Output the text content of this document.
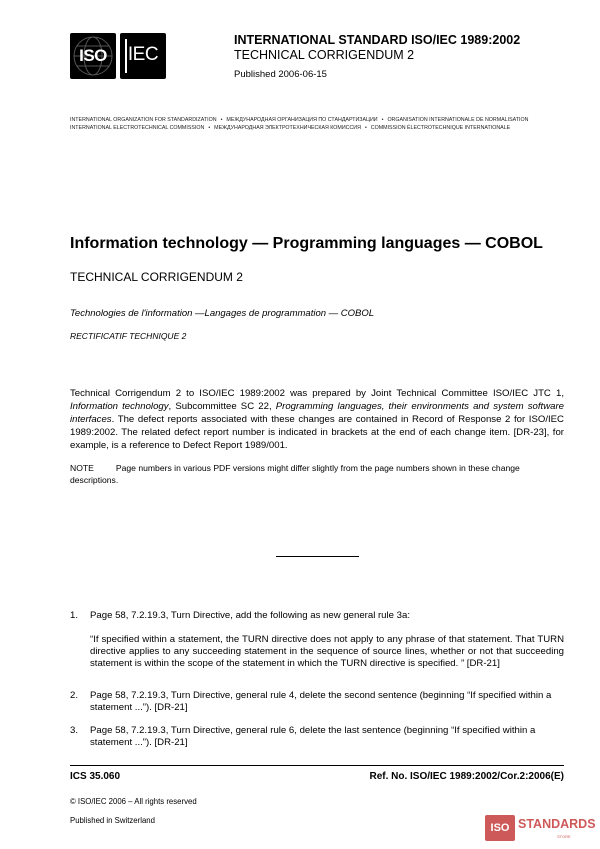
ISO	IEC
INTERNATIONAL STANDARD ISO/IEC 1989:2002
TECHNICAL CORRIGENDUM 2
Published 2006-06-15
INTERNATIONAL ORGANIZATION FOR STANDARDIZATION • МЕЖДУНАРОДНАЯ ОРГАНИЗАЦИЯ ПО СТАНДАРТИЗАЦИИ • ORGANISATION INTERNATIONALE DE NORMALISATION
INTERNATIONAL ELECTROTECHNICAL COMMISSION • МЕЖДУНАРОДНАЯ ЭЛЕКТРОТЕХНИЧЕСКАЯ КОМИССИЯ • COMMISSION ÉLECTROTECHNIQUE INTERNATIONALE
Information technology — Programming languages — COBOL
TECHNICAL CORRIGENDUM 2
Technologies de l'information —Langages de programmation — COBOL
RECTIFICATIF TECHNIQUE 2
Technical Corrigendum 2 to ISO/IEC 1989:2002 was prepared by Joint Technical Committee ISO/IEC JTC 1, Information technology, Subcommittee SC 22, Programming languages, their environments and system software interfaces. The defect reports associated with these changes are contained in Record of Response 2 for ISO/IEC 1989:2002. The related defect report number is indicated in brackets at the end of each change item. [DR-23], for example, is a reference to Defect Report 1989/001.
NOTE	Page numbers in various PDF versions might differ slightly from the page numbers shown in these change descriptions.
1. Page 58, 7.2.19.3, Turn Directive, add the following as new general rule 3a:
“If specified within a statement, the TURN directive does not apply to any phrase of that statement. That TURN directive applies to any succeeding statement in the sequence of source lines, whether or not that succeeding statement is within the scope of the statement in which the TURN directive is specified. ” [DR-21]
2. Page 58, 7.2.19.3, Turn Directive, general rule 4, delete the second sentence (beginning “If specified within a statement ...”). [DR-21]
3. Page 58, 7.2.19.3, Turn Directive, general rule 6, delete the last sentence (beginning “If specified within a statement ...”). [DR-21]
ICS 35.060	Ref. No. ISO/IEC 1989:2002/Cor.2:2006(E)
© ISO/IEC 2006 – All rights reserved
Published in Switzerland
ISO STANDARDS
STORE
